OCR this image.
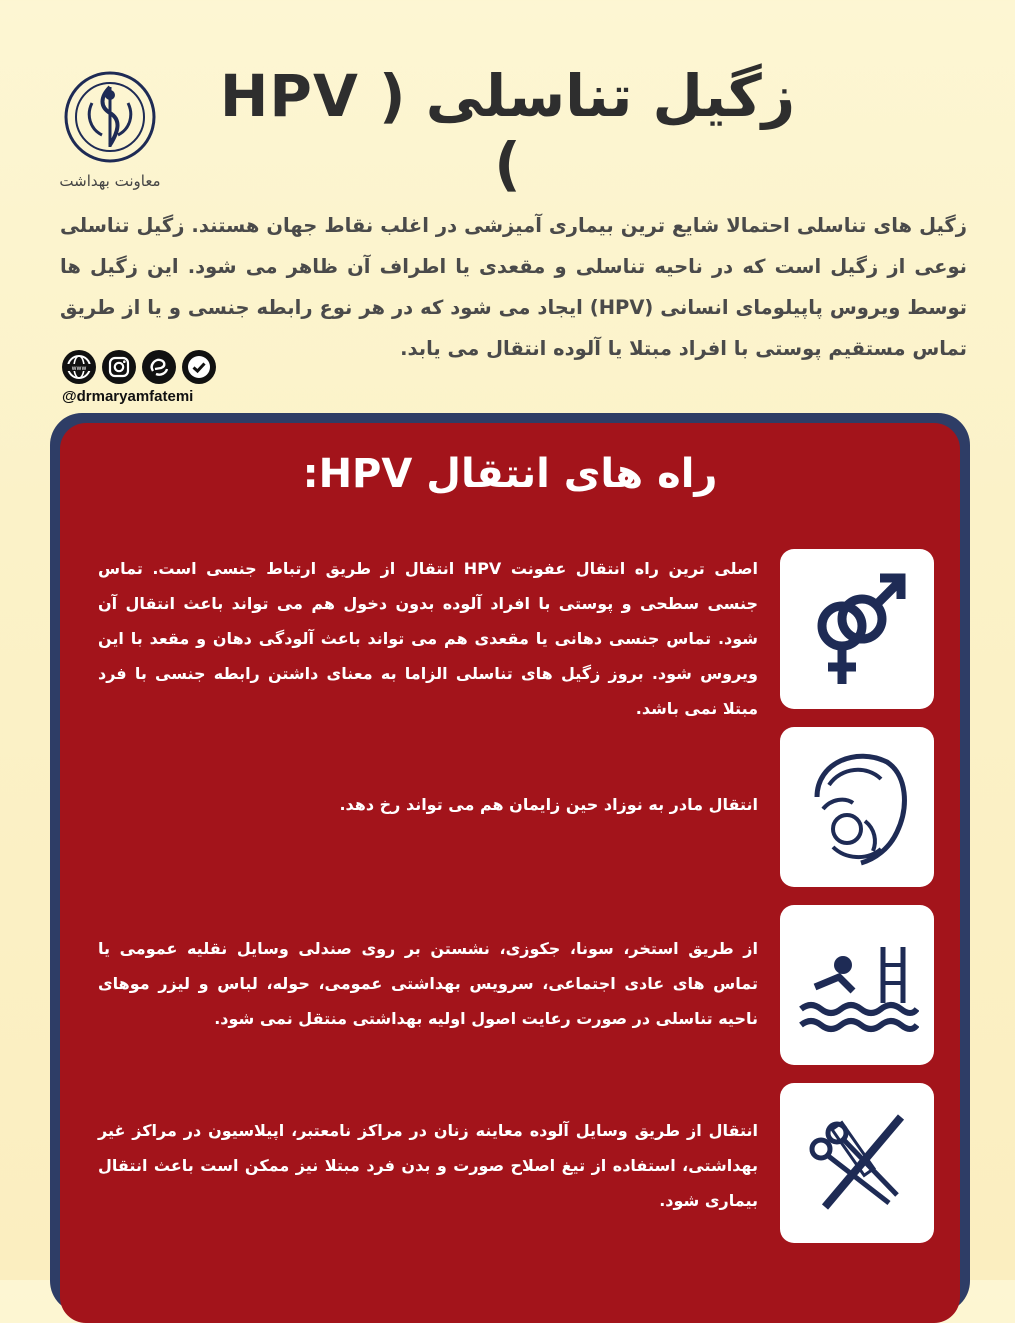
معاونت بهداشت
زگیل تناسلی ( HPV )
زگیل های تناسلی احتمالا شایع ترین بیماری آمیزشی در اغلب نقاط جهان هستند. زگیل تناسلی نوعی از زگیل است که در ناحیه تناسلی و مقعدی یا اطراف آن ظاهر می شود. این زگیل ها توسط ویروس پاپیلومای انسانی (HPV) ایجاد می شود که در هر نوع رابطه جنسی و یا از طریق تماس مستقیم پوستی با افراد مبتلا یا آلوده انتقال می یابد.
www
@drmaryamfatemi
راه های انتقال HPV:
اصلی ترین راه انتقال عفونت HPV انتقال از طریق ارتباط جنسی است. تماس جنسی سطحی و پوستی با افراد آلوده بدون دخول هم می تواند باعث انتقال آن شود. تماس جنسی دهانی یا مقعدی هم می تواند باعث آلودگی دهان و مقعد با این ویروس شود. بروز زگیل های تناسلی الزاما به معنای داشتن رابطه جنسی با فرد مبتلا نمی باشد.
انتقال مادر به نوزاد حین زایمان هم می تواند رخ دهد.
از طریق استخر، سونا، جکوزی، نشستن بر روی صندلی وسایل نقلیه عمومی یا تماس های عادی اجتماعی، سرویس بهداشتی عمومی، حوله، لباس و لیزر موهای ناحیه تناسلی در صورت رعایت اصول اولیه بهداشتی منتقل نمی شود.
انتقال از طریق وسایل آلوده معاینه زنان در مراکز نامعتبر، اپیلاسیون در مراکز غیر بهداشتی، استفاده از تیغ اصلاح صورت و بدن فرد مبتلا نیز ممکن است باعث انتقال بیماری شود.
